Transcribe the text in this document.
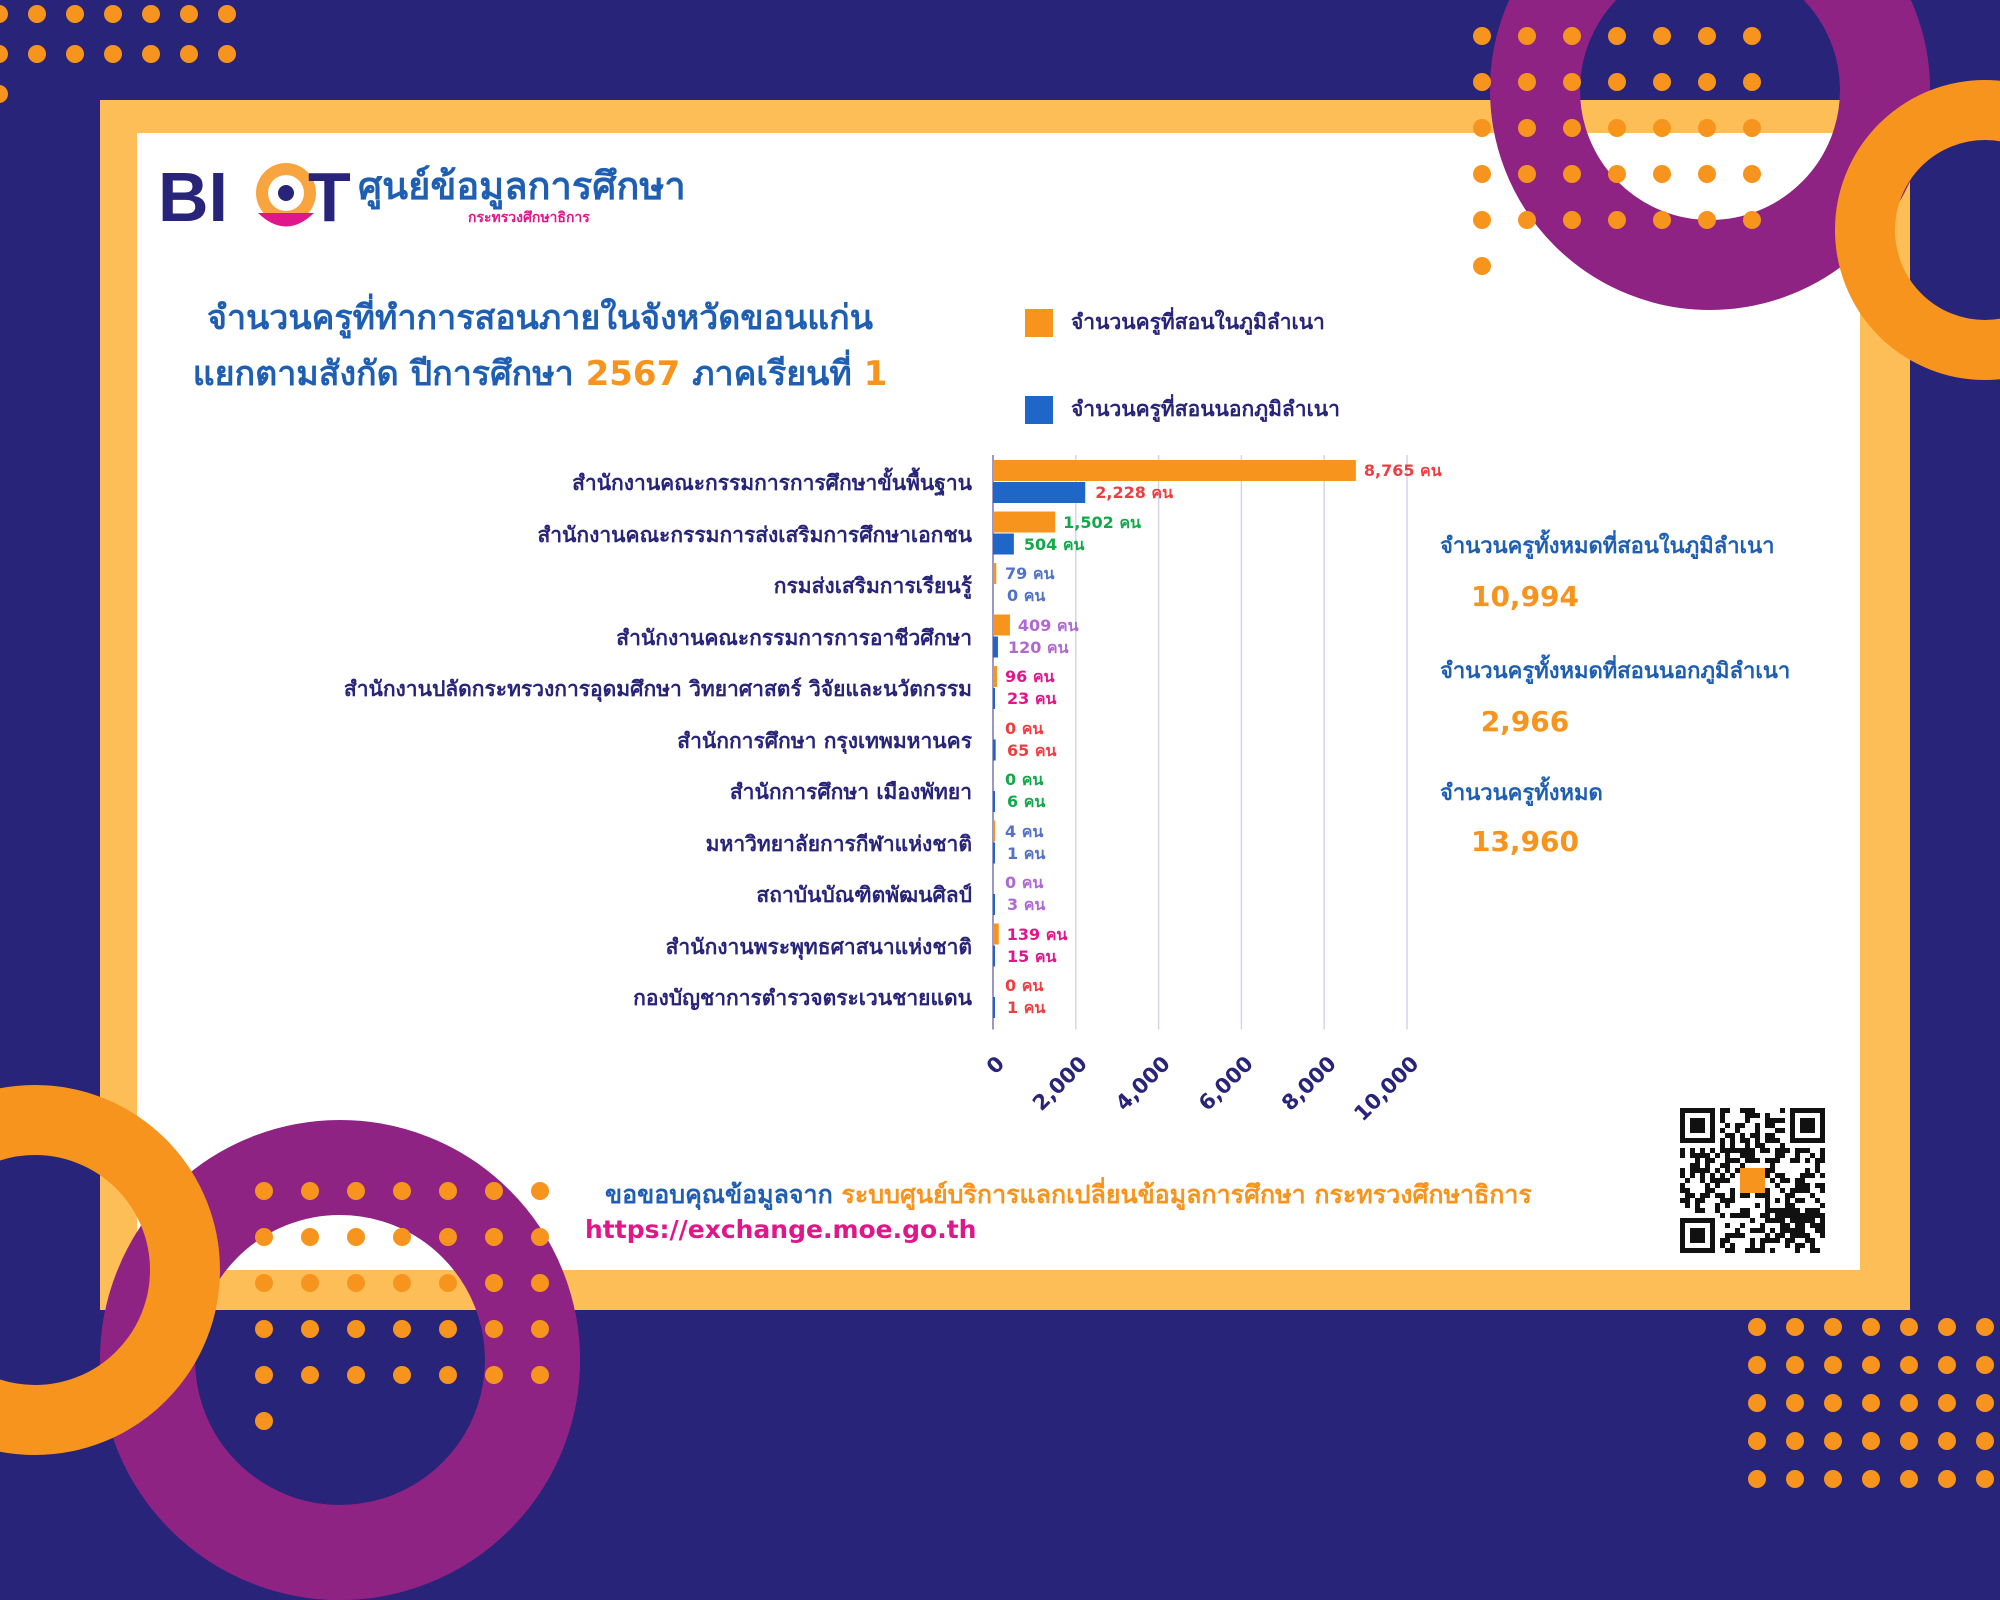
BI T ศูนย์ข้อมูลการศึกษา
กระทรวงศึกษาธิการ
จำนวนครูที่ทำการสอนภายในจังหวัดขอนแก่น
แยกตามสังกัด ปีการศึกษา 2567 ภาคเรียนที่ 1
จำนวนครูที่สอนในภูมิลำเนา
จำนวนครูที่สอนนอกภูมิลำเนา
สำนักงานคณะกรรมการการศึกษาขั้นพื้นฐาน
8,765 คน
2,228 คน
สำนักงานคณะกรรมการส่งเสริมการศึกษาเอกชน
1,502 คน
504 คน
กรมส่งเสริมการเรียนรู้
79 คน
0 คน
สำนักงานคณะกรรมการการอาชีวศึกษา
409 คน
120 คน
สำนักงานปลัดกระทรวงการอุดมศึกษา วิทยาศาสตร์ วิจัยและนวัตกรรม
96 คน
23 คน
สำนักการศึกษา กรุงเทพมหานคร
0 คน
65 คน
สำนักการศึกษา เมืองพัทยา
0 คน
6 คน
มหาวิทยาลัยการกีฬาแห่งชาติ
4 คน
1 คน
สถาบันบัณฑิตพัฒนศิลป์
0 คน
3 คน
สำนักงานพระพุทธศาสนาแห่งชาติ
139 คน
15 คน
กองบัญชาการตำรวจตระเวนชายแดน
0 คน
1 คน
0 2,000 4,000 6,000 8,000 10,000
จำนวนครูทั้งหมดที่สอนในภูมิลำเนา
10,994
จำนวนครูทั้งหมดที่สอนนอกภูมิลำเนา
2,966
จำนวนครูทั้งหมด
13,960
ขอขอบคุณข้อมูลจาก ระบบศูนย์บริการแลกเปลี่ยนข้อมูลการศึกษา กระทรวงศึกษาธิการ
https://exchange.moe.go.th
